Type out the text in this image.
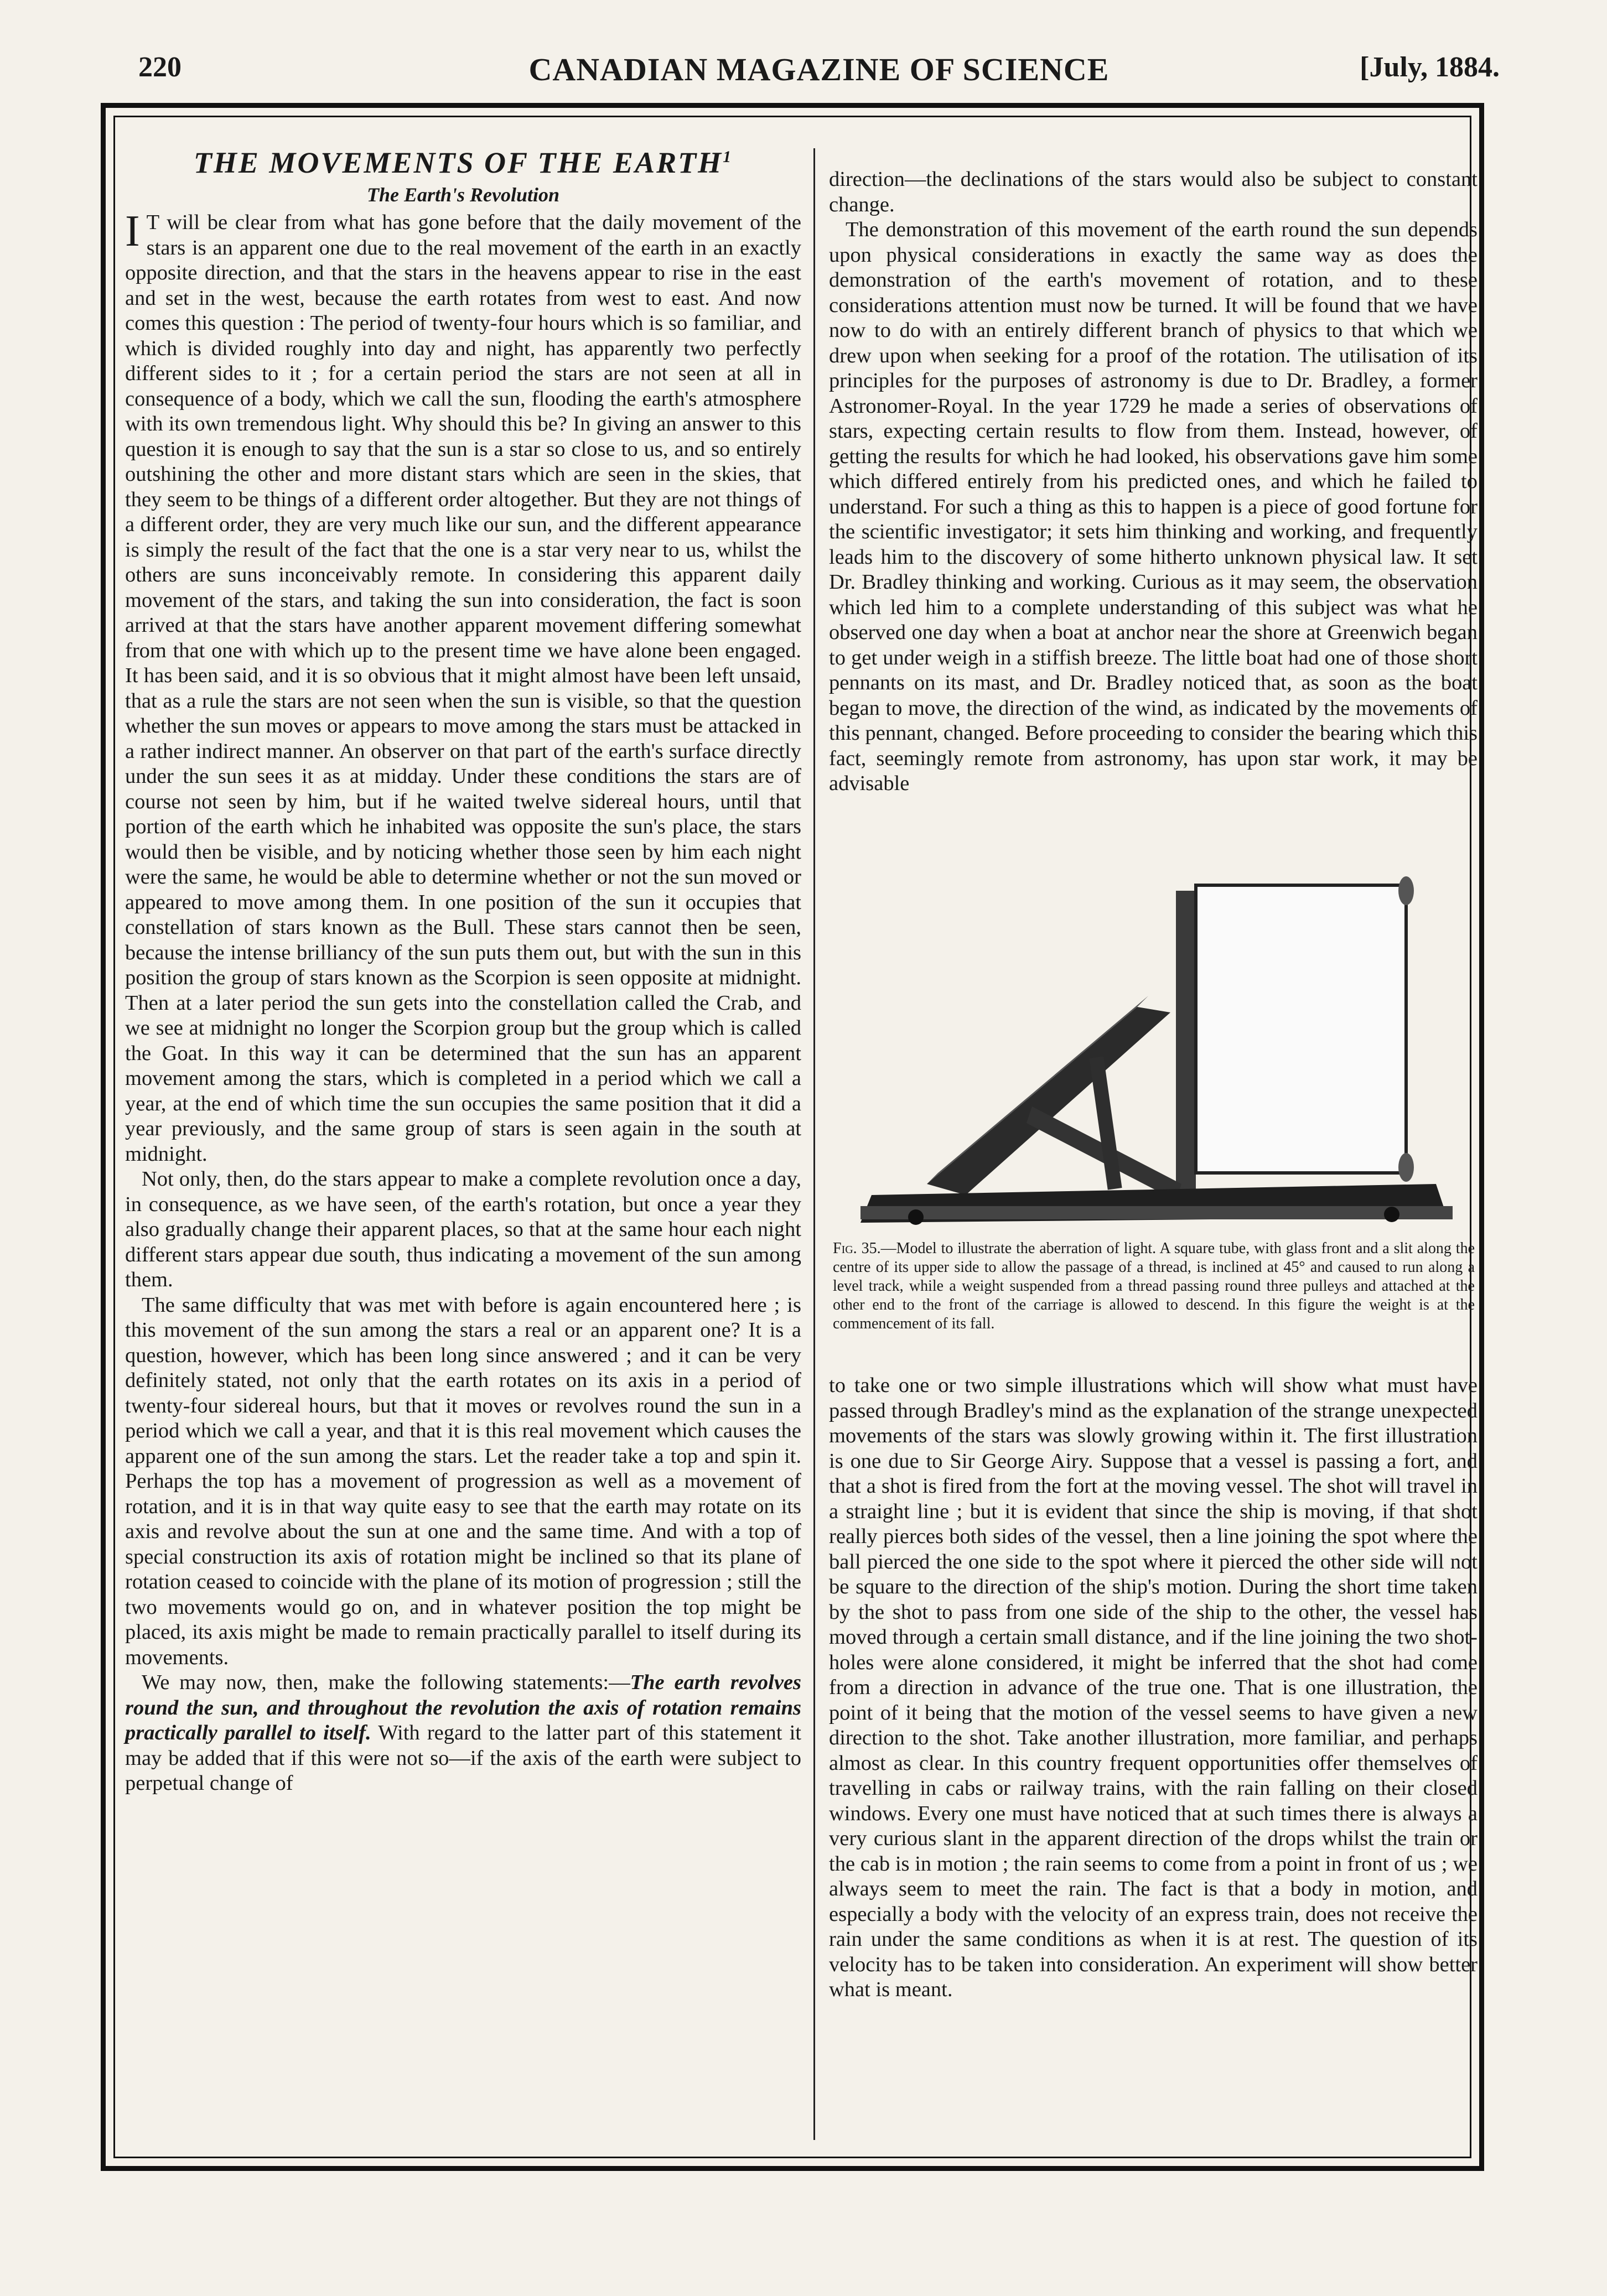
220	CANADIAN MAGAZINE OF SCIENCE	[July, 1884.
THE MOVEMENTS OF THE EARTH$^1$
The Earth's Revolution

I T will be clear from what has gone before that the daily movement of the stars is an apparent one due to the real movement of the earth in an exactly opposite direction, and that the stars in the heavens appear to rise in the east and set in the west, because the earth rotates from west to east. And now comes this question : The period of twenty-four hours which is so familiar, and which is divided roughly into day and night, has apparently two perfectly different sides to it ; for a certain period the stars are not seen at all in consequence of a body, which we call the sun, flooding the earth's atmosphere with its own tremendous light. Why should this be? In giving an answer to this question it is enough to say that the sun is a star so close to us, and so entirely outshining the other and more distant stars which are seen in the skies, that they seem to be things of a different order altogether. But they are not things of a different order, they are very much like our sun, and the different appearance is simply the result of the fact that the one is a star very near to us, whilst the others are suns inconceivably remote. In considering this apparent daily movement of the stars, and taking the sun into consideration, the fact is soon arrived at that the stars have another apparent movement differing somewhat from that one with which up to the present time we have alone been engaged. It has been said, and it is so obvious that it might almost have been left unsaid, that as a rule the stars are not seen when the sun is visible, so that the question whether the sun moves or appears to move among the stars must be attacked in a rather indirect manner. An observer on that part of the earth's surface directly under the sun sees it as at midday. Under these conditions the stars are of course not seen by him, but if he waited twelve sidereal hours, until that portion of the earth which he inhabited was opposite the sun's place, the stars would then be visible, and by noticing whether those seen by him each night were the same, he would be able to determine whether or not the sun moved or appeared to move among them. In one position of the sun it occupies that constellation of stars known as the Bull. These stars cannot then be seen, because the intense brilliancy of the sun puts them out, but with the sun in this position the group of stars known as the Scorpion is seen opposite at midnight. Then at a later period the sun gets into the constellation called the Crab, and we see at midnight no longer the Scorpion group but the group which is called the Goat. In this way it can be determined that the sun has an apparent movement among the stars, which is completed in a period which we call a year, at the end of which time the sun occupies the same position that it did a year previously, and the same group of stars is seen again in the south at midnight.

Not only, then, do the stars appear to make a complete revolution once a day, in consequence, as we have seen, of the earth's rotation, but once a year they also gradually change their apparent places, so that at the same hour each night different stars appear due south, thus indicating a movement of the sun among them.

The same difficulty that was met with before is again encountered here ; is this movement of the sun among the stars a real or an apparent one? It is a question, however, which has been long since answered ; and it can be very definitely stated, not only that the earth rotates on its axis in a period of twenty-four sidereal hours, but that it moves or revolves round the sun in a period which we call a year, and that it is this real movement which causes the apparent one of the sun among the stars. Let the reader take a top and spin it. Perhaps the top has a movement of progression as well as a movement of rotation, and it is in that way quite easy to see that the earth may rotate on its axis and revolve about the sun at one and the same time. And with a top of special construction its axis of rotation might be inclined so that its plane of rotation ceased to coincide with the plane of its motion of progression ; still the two movements would go on, and in whatever position the top might be placed, its axis might be made to remain practically parallel to itself during its movements.

We may now, then, make the following statements:—The earth revolves round the sun, and throughout the revolution the axis of rotation remains practically parallel to itself. With regard to the latter part of this statement it may be added that if this were not so—if the axis of the earth were subject to perpetual change of

direction—the declinations of the stars would also be subject to constant change.

The demonstration of this movement of the earth round the sun depends upon physical considerations in exactly the same way as does the demonstration of the earth's movement of rotation, and to these considerations attention must now be turned. It will be found that we have now to do with an entirely different branch of physics to that which we drew upon when seeking for a proof of the rotation. The utilisation of its principles for the purposes of astronomy is due to Dr. Bradley, a former Astronomer-Royal. In the year 1729 he made a series of observations of stars, expecting certain results to flow from them. Instead, however, of getting the results for which he had looked, his observations gave him some which differed entirely from his predicted ones, and which he failed to understand. For such a thing as this to happen is a piece of good fortune for the scientific investigator; it sets him thinking and working, and frequently leads him to the discovery of some hitherto unknown physical law. It set Dr. Bradley thinking and working. Curious as it may seem, the observation which led him to a complete understanding of this subject was what he observed one day when a boat at anchor near the shore at Greenwich began to get under weigh in a stiffish breeze. The little boat had one of those short pennants on its mast, and Dr. Bradley noticed that, as soon as the boat began to move, the direction of the wind, as indicated by the movements of this pennant, changed. Before proceeding to consider the bearing which this fact, seemingly remote from astronomy, has upon star work, it may be advisable

Fig. 35.—Model to illustrate the aberration of light. A square tube, with glass front and a slit along the centre of its upper side to allow the passage of a thread, is inclined at 45° and caused to run along a level track, while a weight suspended from a thread passing round three pulleys and attached at the other end to the front of the carriage is allowed to descend. In this figure the weight is at the commencement of its fall.

to take one or two simple illustrations which will show what must have passed through Bradley's mind as the explanation of the strange unexpected movements of the stars was slowly growing within it. The first illustration is one due to Sir George Airy. Suppose that a vessel is passing a fort, and that a shot is fired from the fort at the moving vessel. The shot will travel in a straight line ; but it is evident that since the ship is moving, if that shot really pierces both sides of the vessel, then a line joining the spot where the ball pierced the one side to the spot where it pierced the other side will not be square to the direction of the ship's motion. During the short time taken by the shot to pass from one side of the ship to the other, the vessel has moved through a certain small distance, and if the line joining the two shot-holes were alone considered, it might be inferred that the shot had come from a direction in advance of the true one. That is one illustration, the point of it being that the motion of the vessel seems to have given a new direction to the shot. Take another illustration, more familiar, and perhaps almost as clear. In this country frequent opportunities offer themselves of travelling in cabs or railway trains, with the rain falling on their closed windows. Every one must have noticed that at such times there is always a very curious slant in the apparent direction of the drops whilst the train or the cab is in motion ; the rain seems to come from a point in front of us ; we always seem to meet the rain. The fact is that a body in motion, and especially a body with the velocity of an express train, does not receive the rain under the same conditions as when it is at rest. The question of its velocity has to be taken into consideration. An experiment will show better what is meant.
